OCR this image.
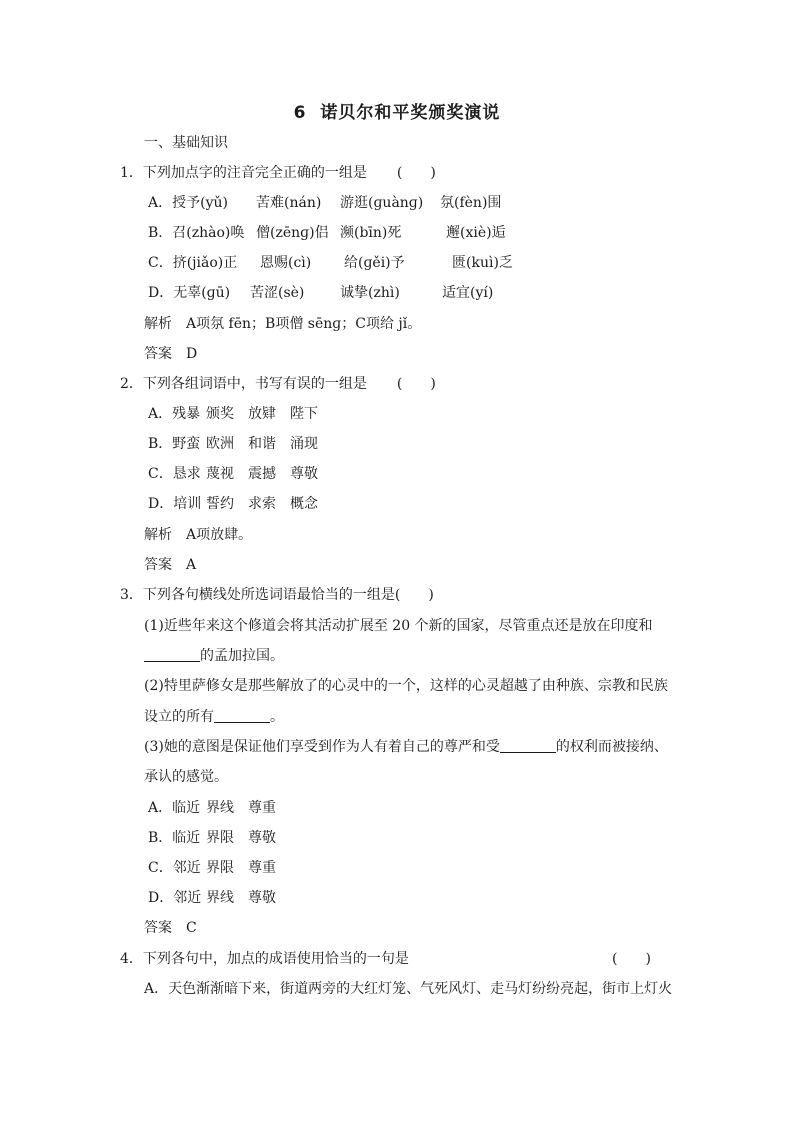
6 诺贝尔和平奖颁奖演说
一、基础知识
1．下列加点字的注音完全正确的一组是 (　　)
A．授予(yǔ) 苦难(nán) 游逛(ɡuànɡ) 氛(fèn)围
B．召(zhào)唤 僧(zēnɡ)侣 濒(bīn)死	邂(xiè)逅
C．挤(jiǎo)正 恩赐(cì) 给(ɡěi)予	匮(kuì)乏
D．无辜(ɡū) 苦涩(sè)	诚挚(zhì)	适宜(yí)
解析　A项氛 fēn；B项僧 sēnɡ；C项给 jǐ。
答案　D
2．下列各组词语中，书写有误的一组是 (　　)
A．残暴 颁奖 放肄 陛下
B．野蛮 欧洲 和谐 涌现
C．恳求 蔑视 震撼 尊敬
D．培训 誓约 求索 概念
解析　A项放肆。
答案　A
3．下列各句横线处所选词语最恰当的一组是(　　)
(1)近些年来这个修道会将其活动扩展至 20 个新的国家，尽管重点还是放在印度和
的孟加拉国。
(2)特里萨修女是那些解放了的心灵中的一个，这样的心灵超越了由种族、宗教和民族
设立的所有	。
(3)她的意图是保证他们享受到作为人有着自己的尊严和受	的权利而被接纳、
承认的感觉。
A．临近 界线 尊重
B．临近 界限 尊敬
C．邻近 界限 尊重
D．邻近 界线 尊敬
答案　C
4．下列各句中，加点的成语使用恰当的一句是	(　　)
A．天色渐渐暗下来，街道两旁的大红灯笼、气死风灯、走马灯纷纷亮起，街市上灯火
